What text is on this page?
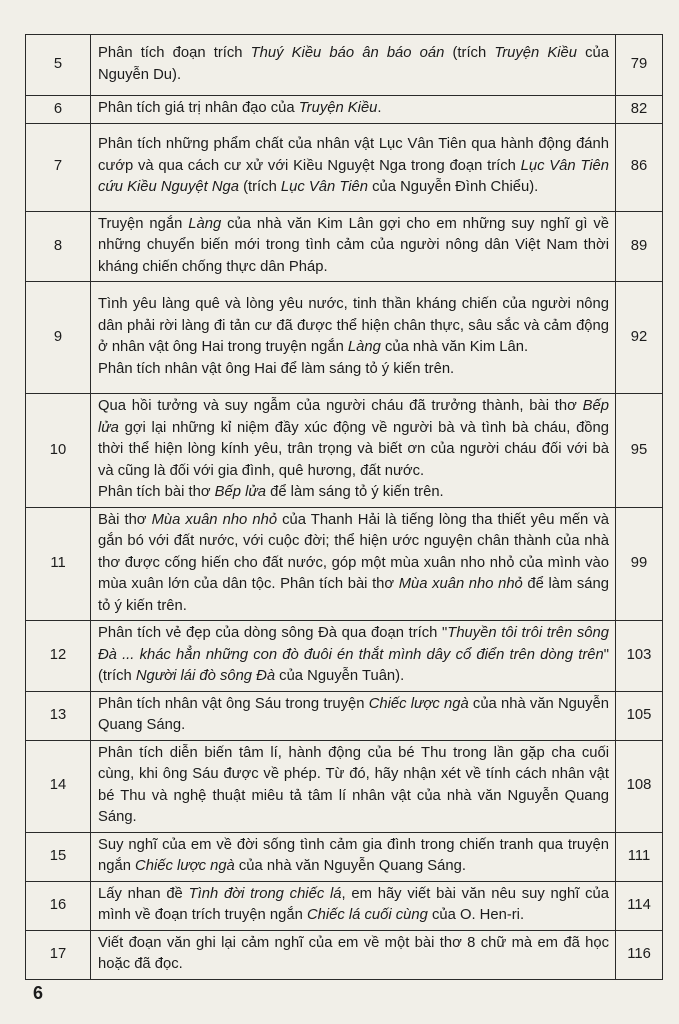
5	Phân tích đoạn trích Thuý Kiều báo ân báo oán (trích Truyện Kiều của Nguyễn Du).	79
6	Phân tích giá trị nhân đạo của Truyện Kiều.	82
7	Phân tích những phẩm chất của nhân vật Lục Vân Tiên qua hành động đánh cướp và qua cách cư xử với Kiều Nguyệt Nga trong đoạn trích Lục Vân Tiên cứu Kiều Nguyệt Nga (trích Lục Vân Tiên của Nguyễn Đình Chiểu).	86
8	Truyện ngắn Làng của nhà văn Kim Lân gợi cho em những suy nghĩ gì về những chuyển biến mới trong tình cảm của người nông dân Việt Nam thời kháng chiến chống thực dân Pháp.	89
9	Tình yêu làng quê và lòng yêu nước, tinh thần kháng chiến của người nông dân phải rời làng đi tản cư đã được thể hiện chân thực, sâu sắc và cảm động ở nhân vật ông Hai trong truyện ngắn Làng của nhà văn Kim Lân.
Phân tích nhân vật ông Hai để làm sáng tỏ ý kiến trên.	92
10	Qua hồi tưởng và suy ngẫm của người cháu đã trưởng thành, bài thơ Bếp lửa gợi lại những kỉ niệm đầy xúc động về người bà và tình bà cháu, đồng thời thể hiện lòng kính yêu, trân trọng và biết ơn của người cháu đối với bà và cũng là đối với gia đình, quê hương, đất nước.
Phân tích bài thơ Bếp lửa để làm sáng tỏ ý kiến trên.	95
11	Bài thơ Mùa xuân nho nhỏ của Thanh Hải là tiếng lòng tha thiết yêu mến và gắn bó với đất nước, với cuộc đời; thể hiện ước nguyện chân thành của nhà thơ được cống hiến cho đất nước, góp một mùa xuân nho nhỏ của mình vào mùa xuân lớn của dân tộc. Phân tích bài thơ Mùa xuân nho nhỏ để làm sáng tỏ ý kiến trên.	99
12	Phân tích vẻ đẹp của dòng sông Đà qua đoạn trích "Thuyền tôi trôi trên sông Đà ... khác hẳn những con đò đuôi én thắt mình dây cổ điển trên dòng trên" (trích Người lái đò sông Đà của Nguyễn Tuân).	103
13	Phân tích nhân vật ông Sáu trong truyện Chiếc lược ngà của nhà văn Nguyễn Quang Sáng.	105
14	Phân tích diễn biến tâm lí, hành động của bé Thu trong lần gặp cha cuối cùng, khi ông Sáu được về phép. Từ đó, hãy nhận xét về tính cách nhân vật bé Thu và nghệ thuật miêu tả tâm lí nhân vật của nhà văn Nguyễn Quang Sáng.	108
15	Suy nghĩ của em về đời sống tình cảm gia đình trong chiến tranh qua truyện ngắn Chiếc lược ngà của nhà văn Nguyễn Quang Sáng.	111
16	Lấy nhan đề Tình đời trong chiếc lá, em hãy viết bài văn nêu suy nghĩ của mình về đoạn trích truyện ngắn Chiếc lá cuối cùng của O. Hen-ri.	114
17	Viết đoạn văn ghi lại cảm nghĩ của em về một bài thơ 8 chữ mà em đã học hoặc đã đọc.	116
6
